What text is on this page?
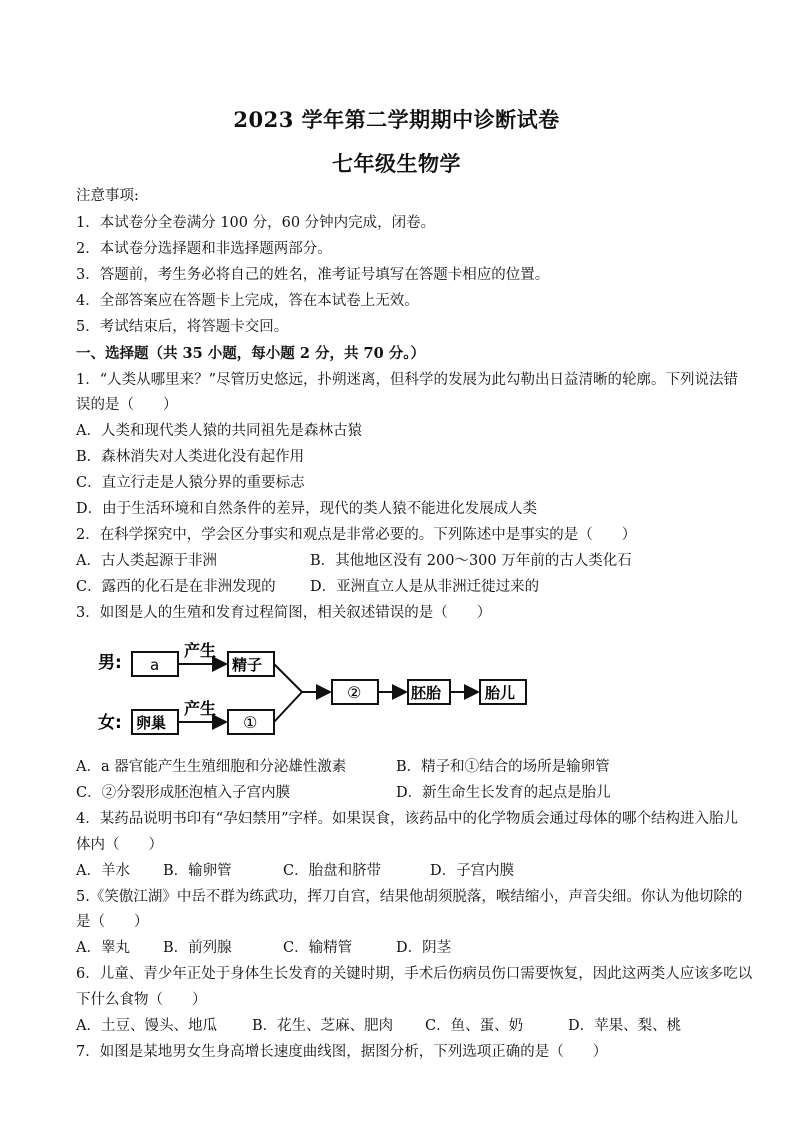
2023 学年第二学期期中诊断试卷
七年级生物学
注意事项:
1．本试卷分全卷满分 100 分，60 分钟内完成，闭卷。
2．本试卷分选择题和非选择题两部分。
3．答题前，考生务必将自己的姓名，准考证号填写在答题卡相应的位置。
4．全部答案应在答题卡上完成，答在本试卷上无效。
5．考试结束后，将答题卡交回。
一、选择题（共 35 小题，每小题 2 分，共 70 分。）
1．“人类从哪里来？”尽管历史悠远，扑朔迷离，但科学的发展为此勾勒出日益清晰的轮廓。下列说法错
误的是（　　）
A．人类和现代类人猿的共同祖先是森林古猿
B．森林消失对人类进化没有起作用
C．直立行走是人猿分界的重要标志
D．由于生活环境和自然条件的差异，现代的类人猿不能进化发展成人类
2．在科学探究中，学会区分事实和观点是非常必要的。下列陈述中是事实的是（　　）
A．古人类起源于非洲	B．其他地区没有 200～300 万年前的古人类化石
C．露西的化石是在非洲发现的 D．亚洲直立人是从非洲迁徙过来的
3．如图是人的生殖和发育过程简图，相关叙述错误的是（　　）
男: a
产生
精子
女: 卵巢
产生
①
②	胚胎	胎儿
A．a 器官能产生生殖细胞和分泌雄性激素	B．精子和①结合的场所是输卵管
C．②分裂形成胚泡植入子宫内膜	D．新生命生长发育的起点是胎儿
4．某药品说明书印有“孕妇禁用”字样。如果误食，该药品中的化学物质会通过母体的哪个结构进入胎儿
体内（　　）
A．羊水 B．输卵管	C．胎盘和脐带	D．子宫内膜
5.《笑傲江湖》中岳不群为练武功，挥刀自宫，结果他胡须脱落，喉结缩小，声音尖细。你认为他切除的
是（　　）
A．睾丸 B．前列腺	C．输精管	D．阴茎
6．儿童、青少年正处于身体生长发育的关键时期，手术后伤病员伤口需要恢复，因此这两类人应该多吃以
下什么食物（　　）
A．土豆、馒头、地瓜 B．花生、芝麻、肥肉 C．鱼、蛋、奶	D．苹果、梨、桃
7．如图是某地男女生身高增长速度曲线图，据图分析，下列选项正确的是（　　）
